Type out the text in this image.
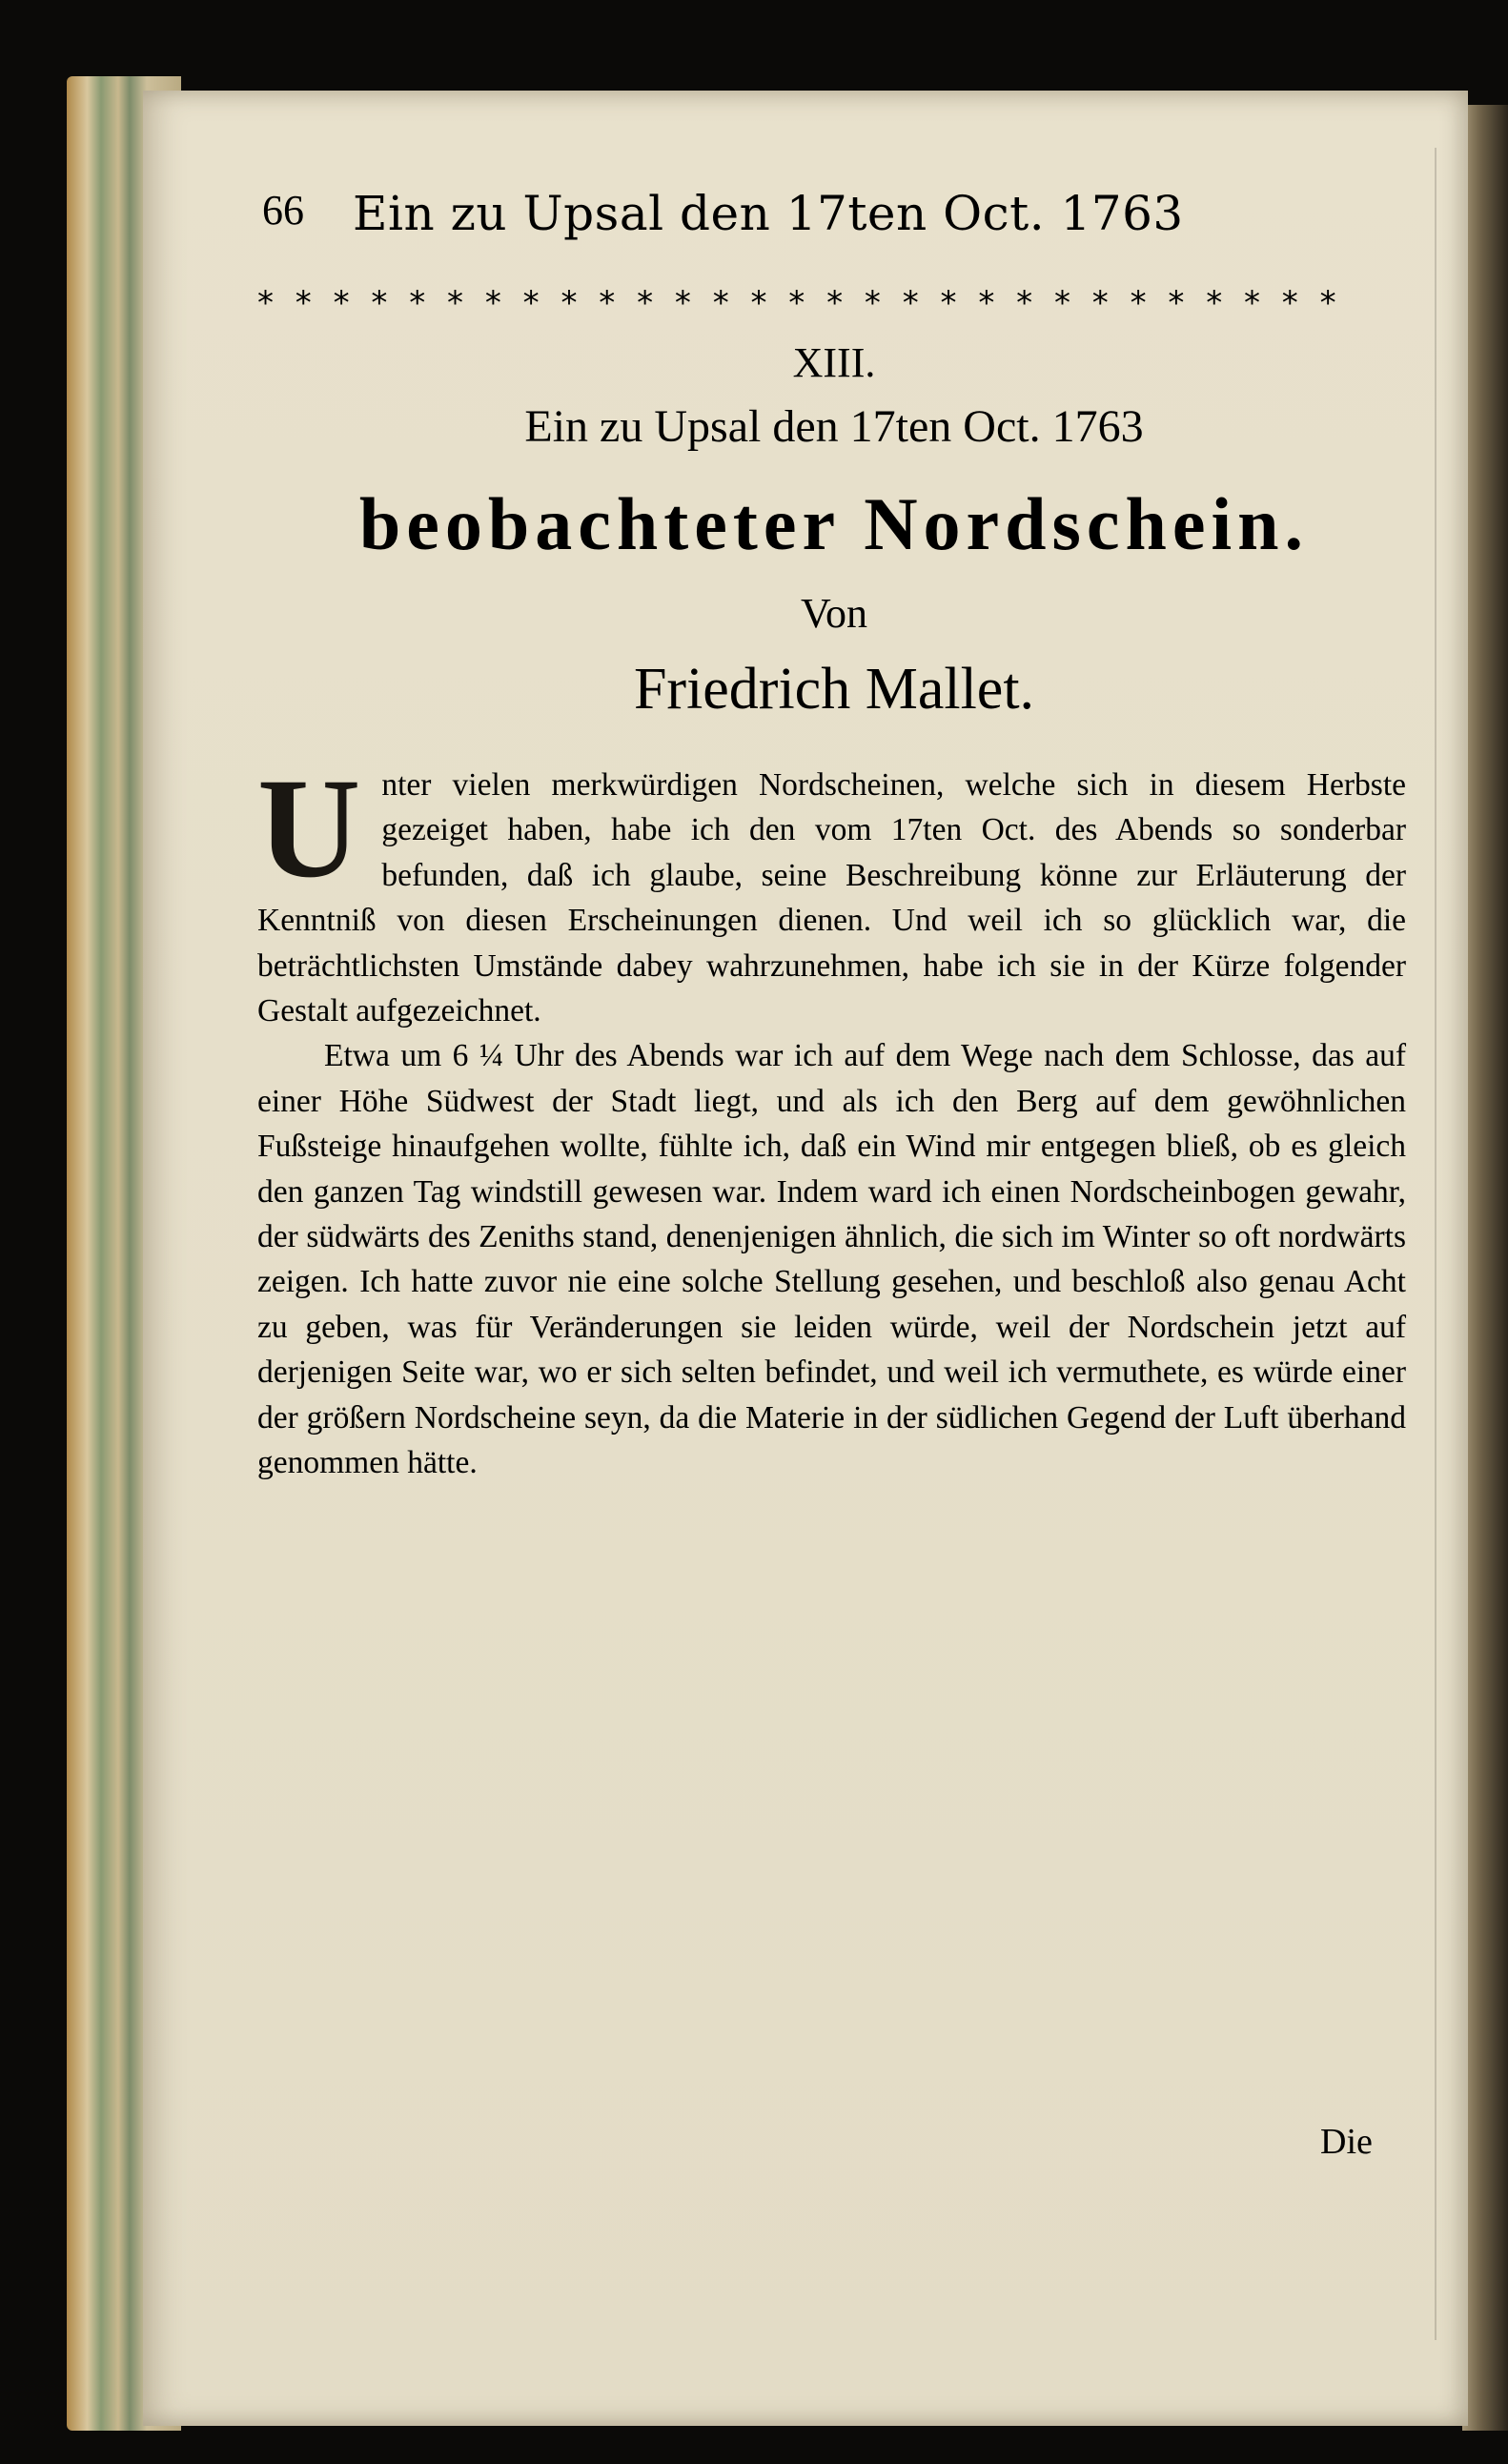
66 Ein zu Upsal den 17ten Oct. 1763
* * * * * * * * * * * * * * * * * * * * * * * * * * * * *
XIII.
Ein zu Upsal den 17ten Oct. 1763
beobachteter Nordschein.
Von
Friedrich Mallet.

Unter vielen merkwürdigen Nordscheinen, welche sich in diesem Herbste gezeiget haben, habe ich den vom 17ten Oct. des Abends so sonderbar befunden, daß ich glaube, seine Beschreibung könne zur Erläuterung der Kenntniß von diesen Erscheinungen dienen. Und weil ich so glücklich war, die beträchtlichsten Umstände dabey wahrzunehmen, habe ich sie in der Kürze folgender Gestalt aufgezeichnet.

Etwa um 6 ¼ Uhr des Abends war ich auf dem Wege nach dem Schlosse, das auf einer Höhe Südwest der Stadt liegt, und als ich den Berg auf dem gewöhnlichen Fußsteige hinaufgehen wollte, fühlte ich, daß ein Wind mir entgegen bließ, ob es gleich den ganzen Tag windstill gewesen war. Indem ward ich einen Nordscheinbogen gewahr, der südwärts des Zeniths stand, denenjenigen ähnlich, die sich im Winter so oft nordwärts zeigen. Ich hatte zuvor nie eine solche Stellung gesehen, und beschloß also genau Acht zu geben, was für Veränderungen sie leiden würde, weil der Nordschein jetzt auf derjenigen Seite war, wo er sich selten befindet, und weil ich vermuthete, es würde einer der größern Nordscheine seyn, da die Materie in der südlichen Gegend der Luft überhand genommen hätte.

Die
